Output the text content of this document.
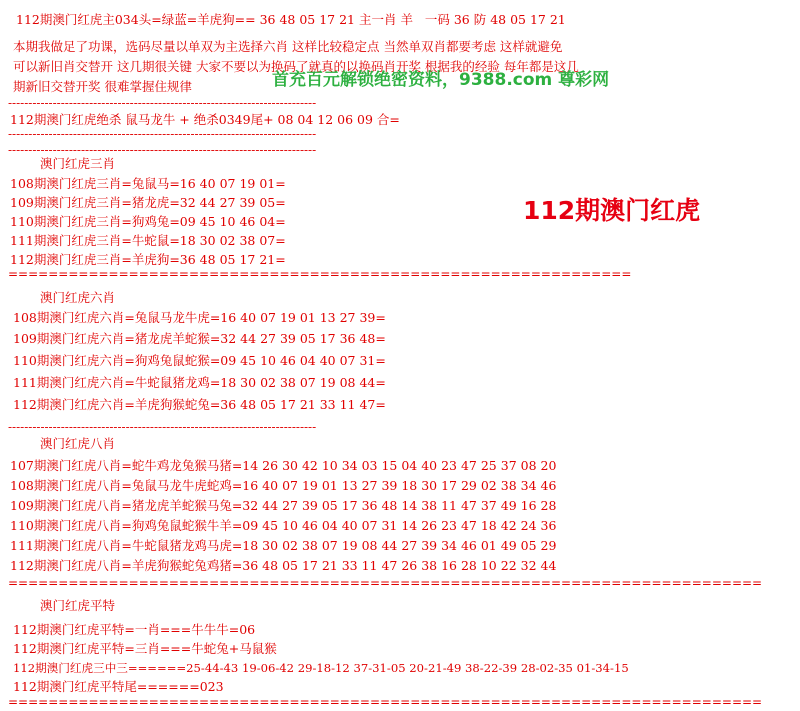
112期澳门红虎主034头=绿蓝=羊虎狗== 36 48 05 17 21 主一肖 羊   一码 36 防 48 05 17 21
本期我做足了功课，选码尽量以单双为主选择六肖 这样比较稳定点 当然单双肖都要考虑 这样就避免
可以新旧肖交替开 这几期很关键 大家不要以为换码了就真的以换码肖开奖 根据我的经验 每年都是这几
期新旧交替开奖 很难掌握住规律	首充百元解锁绝密资料，9388.com 尊彩网
----------------------------------------------------------------------------
112期澳门红虎绝杀 鼠马龙牛 + 绝杀0349尾+ 08 04 12 06 09 合=
----------------------------------------------------------------------------
----------------------------------------------------------------------------
112期澳门红虎
澳门红虎三肖
108期澳门红虎三肖=兔鼠马=16 40 07 19 01=
109期澳门红虎三肖=猪龙虎=32 44 27 39 05=
110期澳门红虎三肖=狗鸡兔=09 45 10 46 04=
111期澳门红虎三肖=牛蛇鼠=18 30 02 38 07=
112期澳门红虎三肖=羊虎狗=36 48 05 17 21=
==============================================================
澳门红虎六肖
108期澳门红虎六肖=兔鼠马龙牛虎=16 40 07 19 01 13 27 39=
109期澳门红虎六肖=猪龙虎羊蛇猴=32 44 27 39 05 17 36 48=
110期澳门红虎六肖=狗鸡兔鼠蛇猴=09 45 10 46 04 40 07 31=
111期澳门红虎六肖=牛蛇鼠猪龙鸡=18 30 02 38 07 19 08 44=
112期澳门红虎六肖=羊虎狗猴蛇兔=36 48 05 17 21 33 11 47=
----------------------------------------------------------------------------
澳门红虎八肖
107期澳门红虎八肖=蛇牛鸡龙兔猴马猪=14 26 30 42 10 34 03 15 04 40 23 47 25 37 08 20
108期澳门红虎八肖=兔鼠马龙牛虎蛇鸡=16 40 07 19 01 13 27 39 18 30 17 29 02 38 34 46
109期澳门红虎八肖=猪龙虎羊蛇猴马兔=32 44 27 39 05 17 36 48 14 38 11 47 37 49 16 28
110期澳门红虎八肖=狗鸡兔鼠蛇猴牛羊=09 45 10 46 04 40 07 31 14 26 23 47 18 42 24 36
111期澳门红虎八肖=牛蛇鼠猪龙鸡马虎=18 30 02 38 07 19 08 44 27 39 34 46 01 49 05 29
112期澳门红虎八肖=羊虎狗猴蛇兔鸡猪=36 48 05 17 21 33 11 47 26 38 16 28 10 22 32 44
===========================================================================
澳门红虎平特
112期澳门红虎平特=一肖===牛牛牛=06
112期澳门红虎平特=三肖===牛蛇兔+马鼠猴
112期澳门红虎三中三======25-44-43 19-06-42 29-18-12 37-31-05 20-21-49 38-22-39 28-02-35 01-34-15
112期澳门红虎平特尾======023
===========================================================================
